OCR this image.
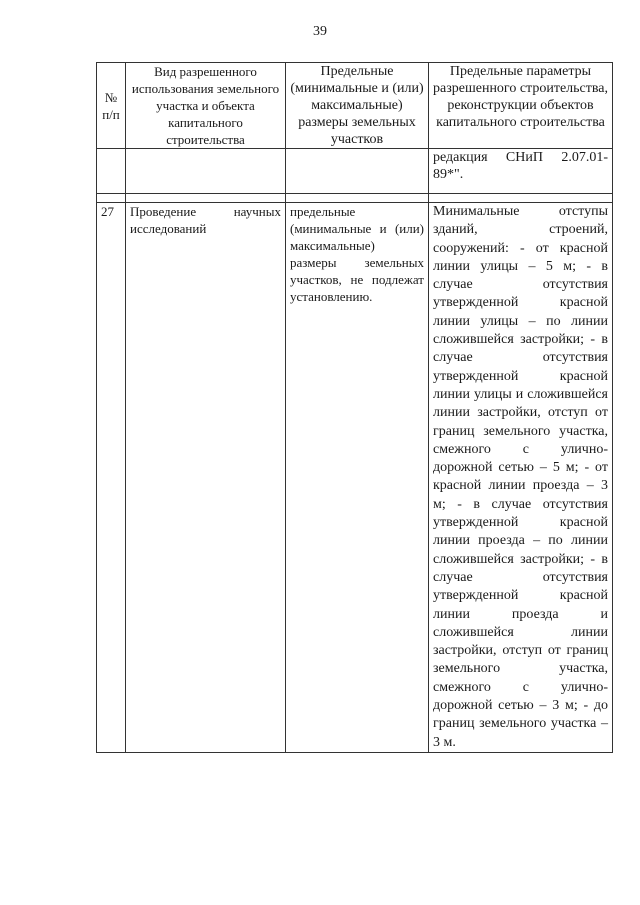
39
№ п/п	Вид разрешенного использования земельного участка и объекта капитального строительства	Предельные (минимальные и (или) максимальные) размеры земельных участков	Предельные параметры разрешенного строительства, реконструкции объектов капитального строительства
			редакция СНиП 2.07.01-89*".

27	Проведение научных исследований	предельные (минимальные и (или) максимальные) размеры земельных участков, не подлежат установлению.	Минимальные отступы зданий, строений, сооружений: - от красной линии улицы – 5 м; - в случае отсутствия утвержденной красной линии улицы – по линии сложившейся застройки; - в случае отсутствия утвержденной красной линии улицы и сложившейся линии застройки, отступ от границ земельного участка, смежного с улично-дорожной сетью – 5 м; - от красной линии проезда – 3 м; - в случае отсутствия утвержденной красной линии проезда – по линии сложившейся застройки; - в случае отсутствия утвержденной красной линии проезда и сложившейся линии застройки, отступ от границ земельного участка, смежного с улично-дорожной сетью – 3 м; - до границ земельного участка – 3 м.
